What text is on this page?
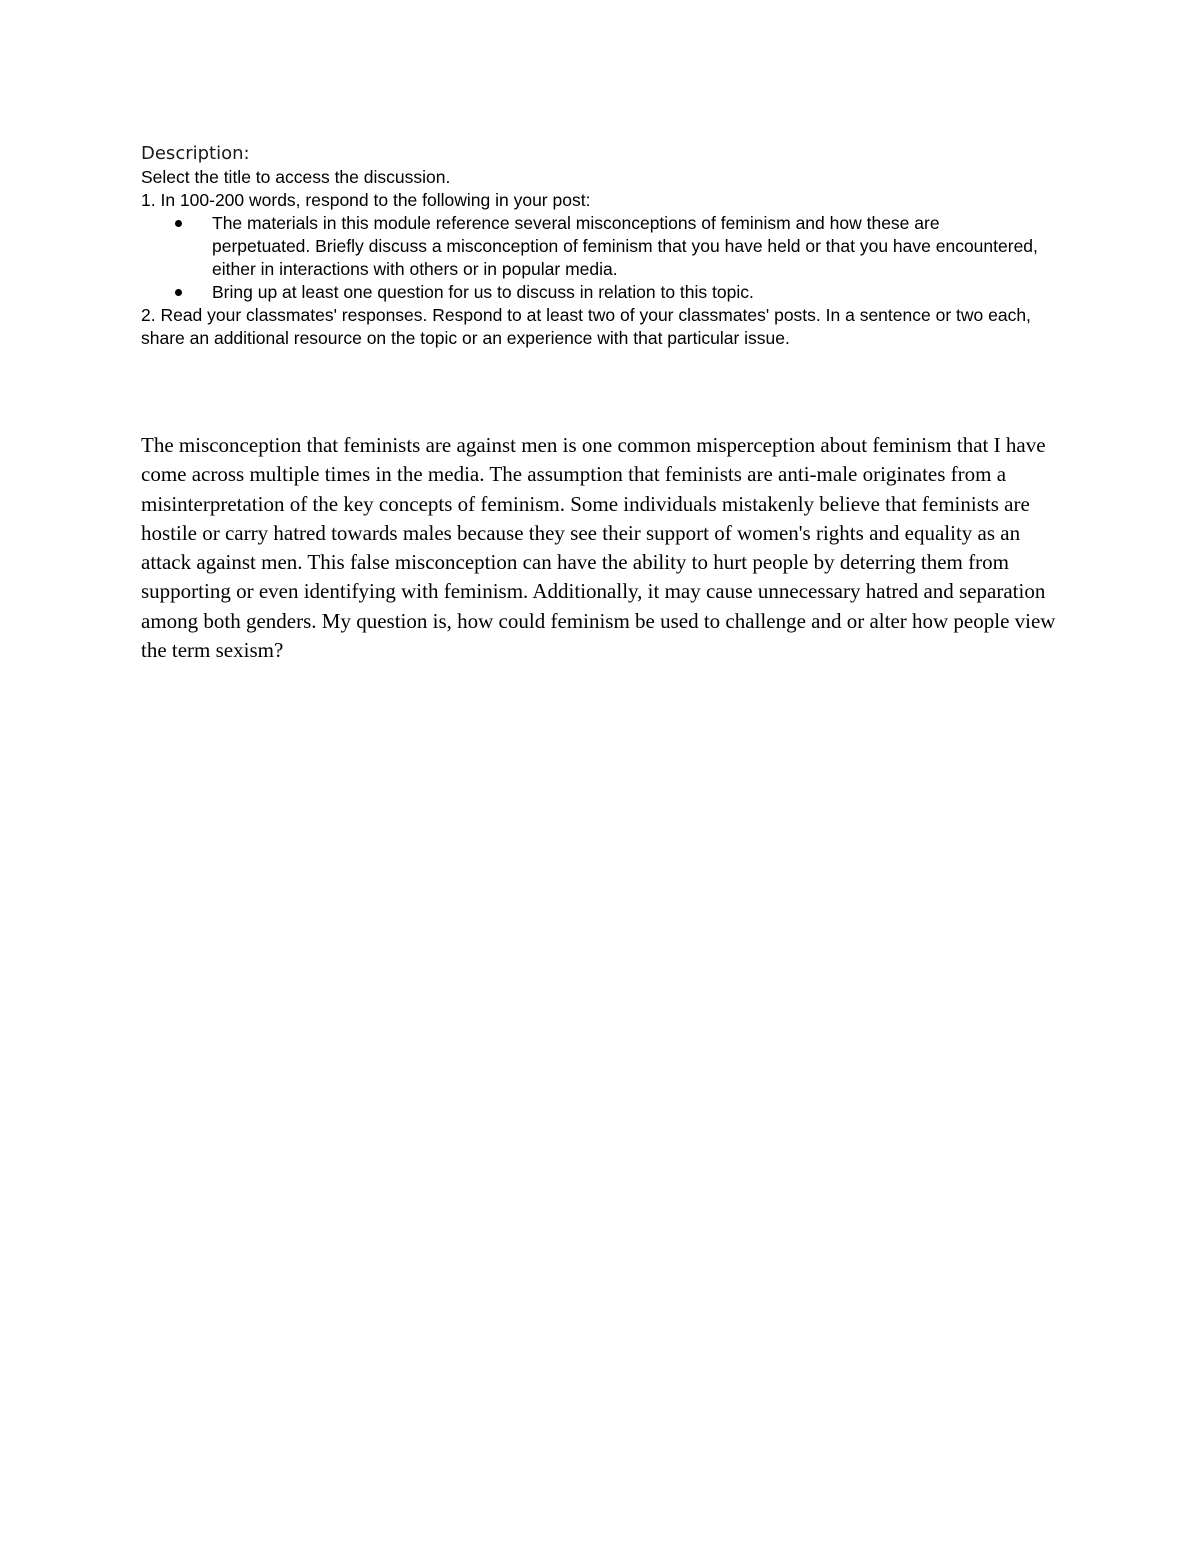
Description:

Select the title to access the discussion.

1. In 100-200 words, respond to the following in your post:

The materials in this module reference several misconceptions of feminism and how these are perpetuated. Briefly discuss a misconception of feminism that you have held or that you have encountered, either in interactions with others or in popular media.
Bring up at least one question for us to discuss in relation to this topic.

2. Read your classmates' responses. Respond to at least two of your classmates' posts. In a sentence or two each, share an additional resource on the topic or an experience with that particular issue.

The misconception that feminists are against men is one common misperception about feminism that I have come across multiple times in the media. The assumption that feminists are anti-male originates from a misinterpretation of the key concepts of feminism. Some individuals mistakenly believe that feminists are hostile or carry hatred towards males because they see their support of women's rights and equality as an attack against men. This false misconception can have the ability to hurt people by deterring them from supporting or even identifying with feminism. Additionally, it may cause unnecessary hatred and separation among both genders. My question is, how could feminism be used to challenge and or alter how people view the term sexism?
